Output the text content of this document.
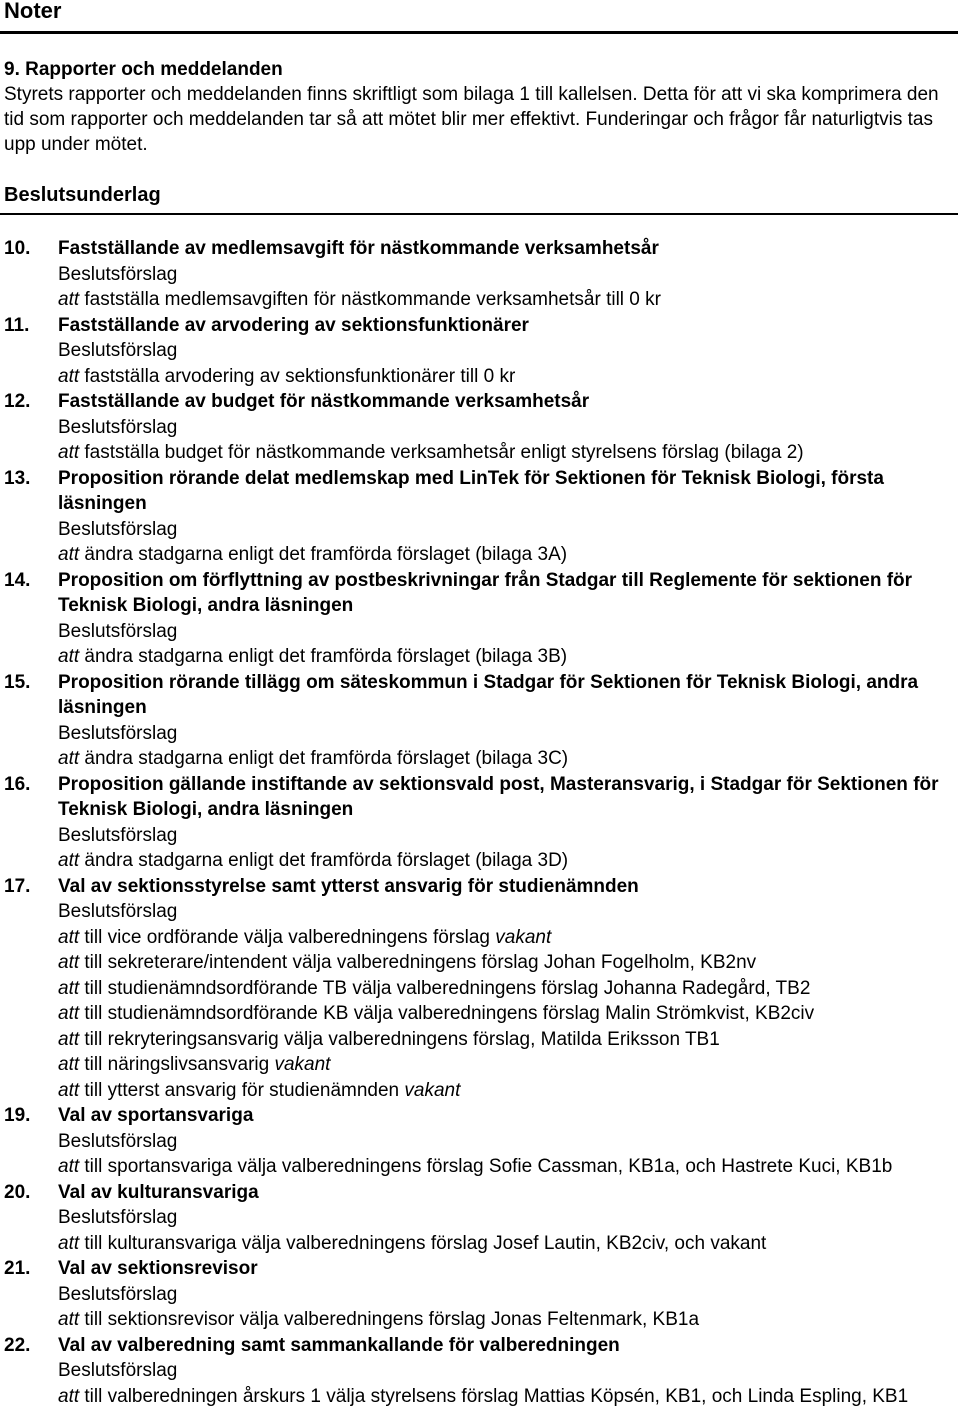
Noter
9. Rapporter och meddelanden
Styrets rapporter och meddelanden finns skriftligt som bilaga 1 till kallelsen. Detta för att vi ska komprimera den tid som rapporter och meddelanden tar så att mötet blir mer effektivt. Funderingar och frågor får naturligtvis tas upp under mötet.
Beslutsunderlag
10. Fastställande av medlemsavgift för nästkommande verksamhetsår
Beslutsförslag
att fastställa medlemsavgiften för nästkommande verksamhetsår till 0 kr
11. Fastställande av arvodering av sektionsfunktionärer
Beslutsförslag
att fastställa arvodering av sektionsfunktionärer till 0 kr
12. Fastställande av budget för nästkommande verksamhetsår
Beslutsförslag
att fastställa budget för nästkommande verksamhetsår enligt styrelsens förslag (bilaga 2)
13. Proposition rörande delat medlemskap med LinTek för Sektionen för Teknisk Biologi, första läsningen
Beslutsförslag
att ändra stadgarna enligt det framförda förslaget (bilaga 3A)
14. Proposition om förflyttning av postbeskrivningar från Stadgar till Reglemente för sektionen för Teknisk Biologi, andra läsningen
Beslutsförslag
att ändra stadgarna enligt det framförda förslaget (bilaga 3B)
15. Proposition rörande tillägg om säteskommun i Stadgar för Sektionen för Teknisk Biologi, andra läsningen
Beslutsförslag
att ändra stadgarna enligt det framförda förslaget (bilaga 3C)
16. Proposition gällande instiftande av sektionsvald post, Masteransvarig, i Stadgar för Sektionen för Teknisk Biologi, andra läsningen
Beslutsförslag
att ändra stadgarna enligt det framförda förslaget (bilaga 3D)
17. Val av sektionsstyrelse samt ytterst ansvarig för studienämnden
Beslutsförslag
att till vice ordförande välja valberedningens förslag vakant
att till sekreterare/intendent välja valberedningens förslag Johan Fogelholm, KB2nv
att till studienämndsordförande TB välja valberedningens förslag Johanna Radegård, TB2
att till studienämndsordförande KB välja valberedningens förslag Malin Strömkvist, KB2civ
att till rekryteringsansvarig välja valberedningens förslag, Matilda Eriksson TB1
att till näringslivsansvarig vakant
att till ytterst ansvarig för studienämnden vakant
19. Val av sportansvariga
Beslutsförslag
att till sportansvariga välja valberedningens förslag Sofie Cassman, KB1a, och Hastrete Kuci, KB1b
20. Val av kulturansvariga
Beslutsförslag
att till kulturansvariga välja valberedningens förslag Josef Lautin, KB2civ, och vakant
21. Val av sektionsrevisor
Beslutsförslag
att till sektionsrevisor välja valberedningens förslag Jonas Feltenmark, KB1a
22. Val av valberedning samt sammankallande för valberedningen
Beslutsförslag
att till valberedningen årskurs 1 välja styrelsens förslag Mattias Köpsén, KB1, och Linda Espling, KB1
